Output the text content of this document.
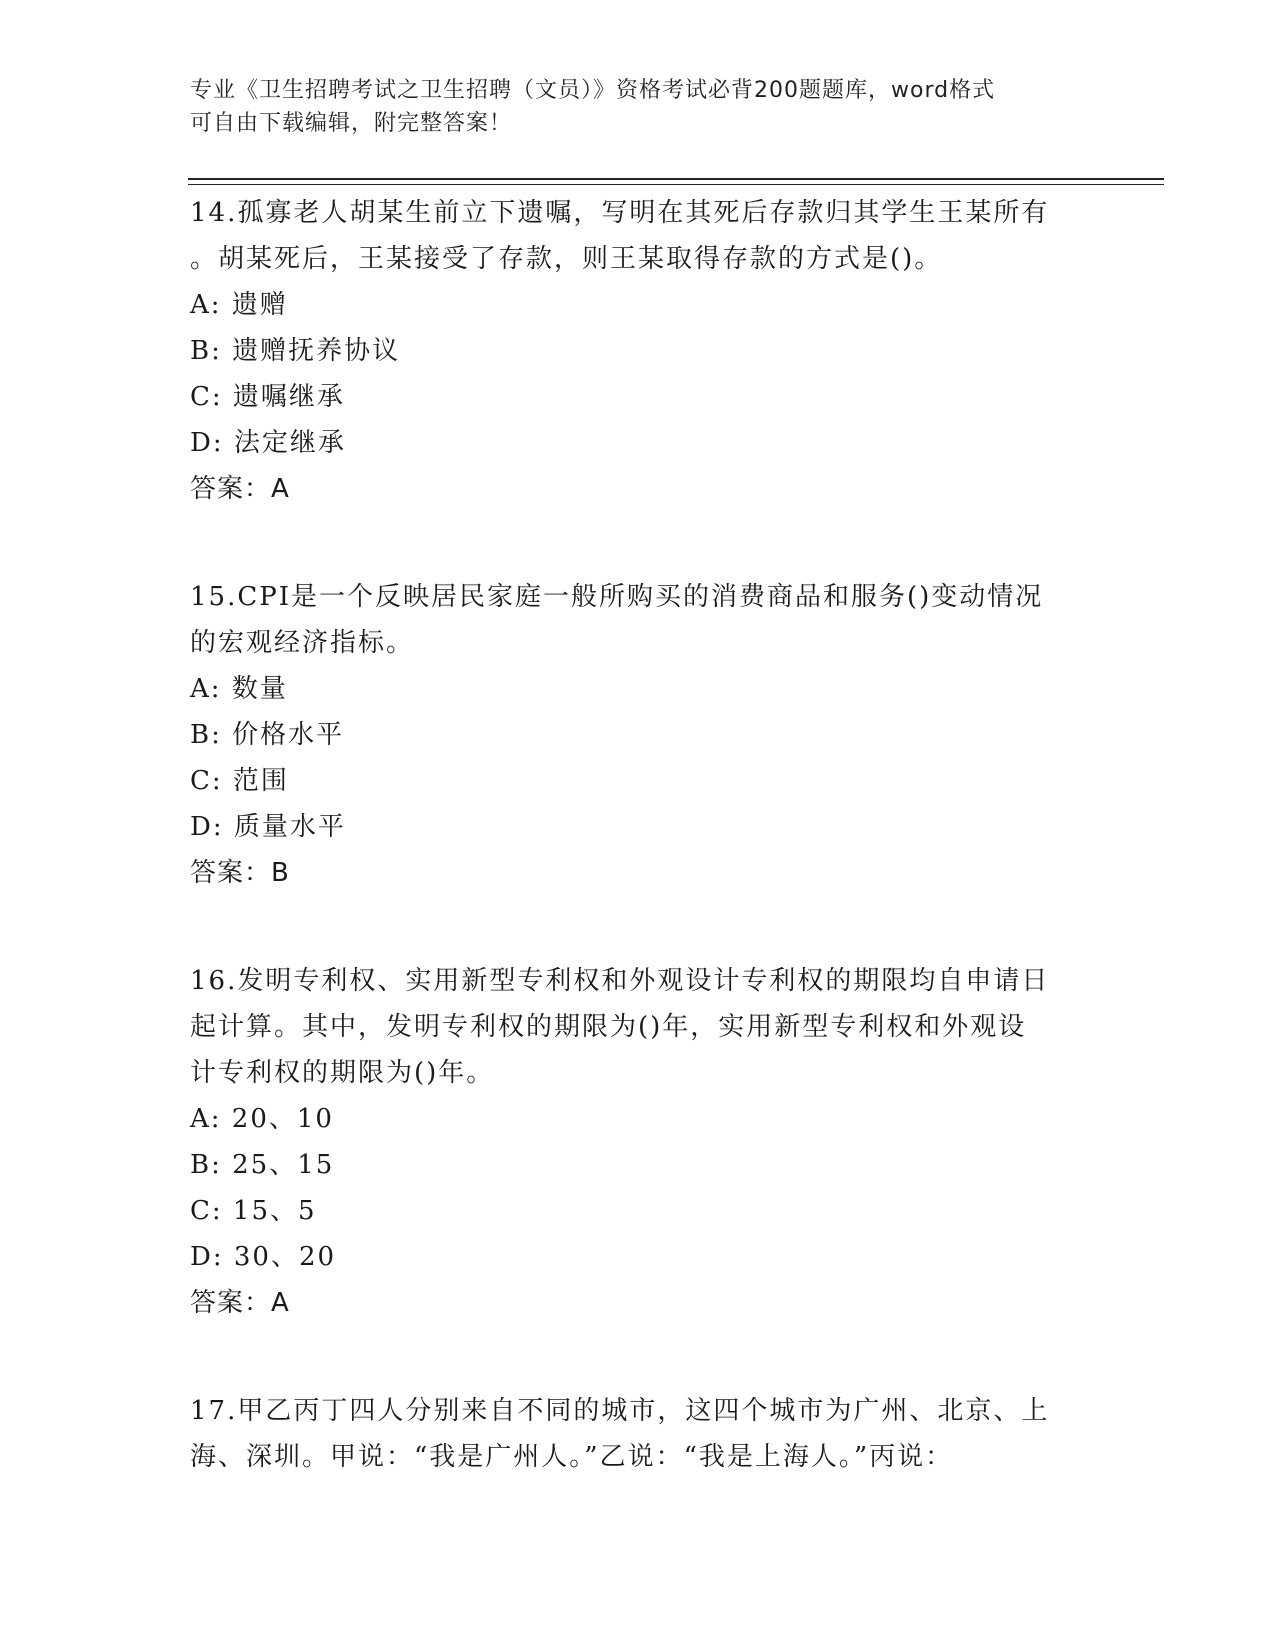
专业《卫生招聘考试之卫生招聘（文员）》资格考试必背200题题库，word格式
可自由下载编辑，附完整答案！
14.孤寡老人胡某生前立下遗嘱，写明在其死后存款归其学生王某所有
。胡某死后，王某接受了存款，则王某取得存款的方式是()。
A: 遗赠
B: 遗赠抚养协议
C: 遗嘱继承
D: 法定继承
答案：A
15.CPI是一个反映居民家庭一般所购买的消费商品和服务()变动情况
的宏观经济指标。
A: 数量
B: 价格水平
C: 范围
D: 质量水平
答案：B
16.发明专利权、实用新型专利权和外观设计专利权的期限均自申请日
起计算。其中，发明专利权的期限为()年，实用新型专利权和外观设
计专利权的期限为()年。
A: 20、10
B: 25、15
C: 15、5
D: 30、20
答案：A
17.甲乙丙丁四人分别来自不同的城市，这四个城市为广州、北京、上
海、深圳。甲说：“我是广州人。”乙说：“我是上海人。”丙说：
